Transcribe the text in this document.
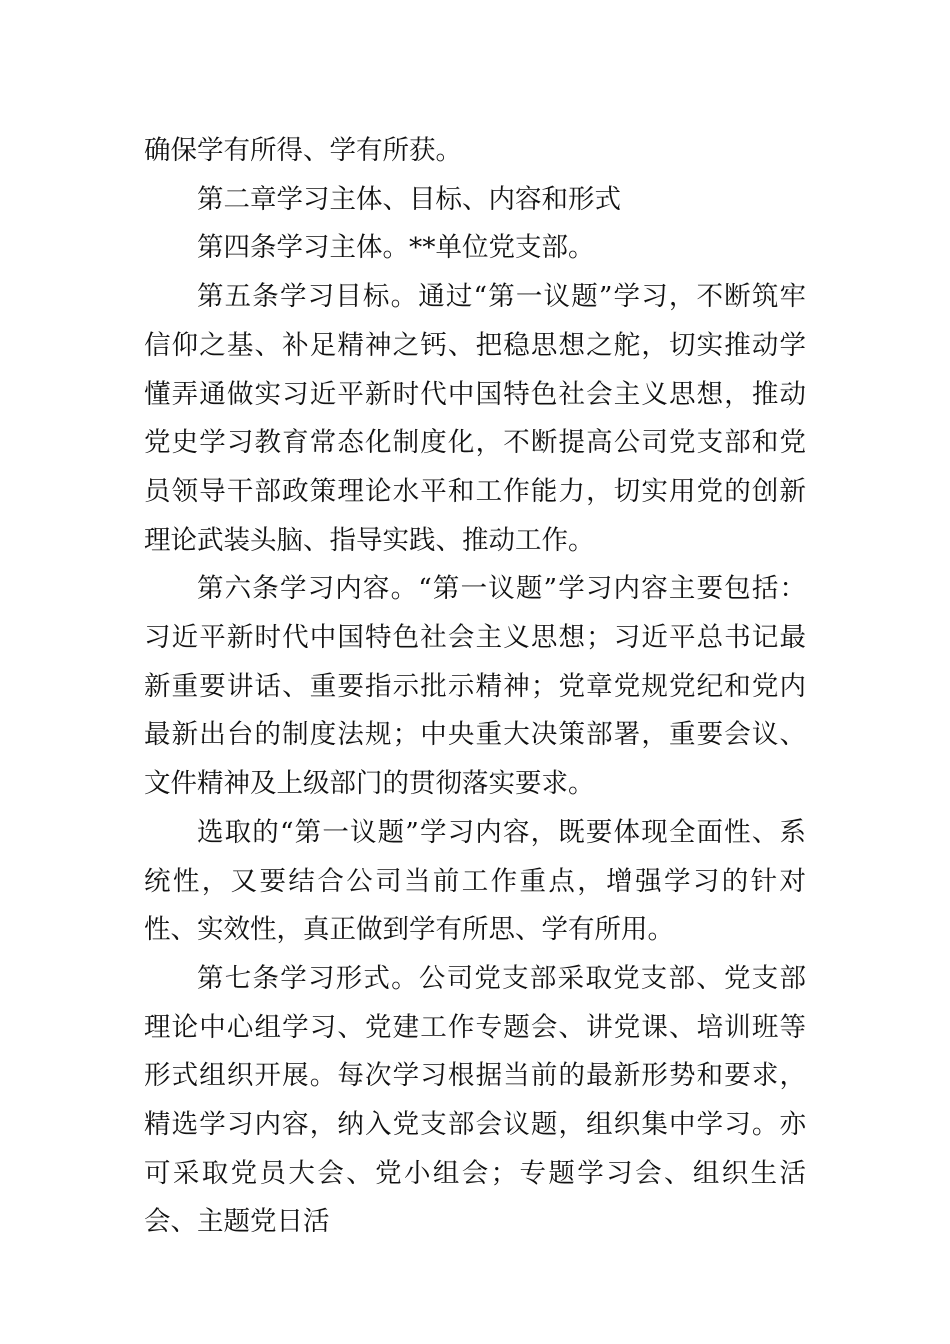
确保学有所得、学有所获。

第二章学习主体、目标、内容和形式

第四条学习主体。**单位党支部。

第五条学习目标。通过“第一议题”学习，不断筑牢信仰之基、补足精神之钙、把稳思想之舵，切实推动学懂弄通做实习近平新时代中国特色社会主义思想，推动党史学习教育常态化制度化，不断提高公司党支部和党员领导干部政策理论水平和工作能力，切实用党的创新理论武装头脑、指导实践、推动工作。

第六条学习内容。“第一议题”学习内容主要包括：习近平新时代中国特色社会主义思想；习近平总书记最新重要讲话、重要指示批示精神；党章党规党纪和党内最新出台的制度法规；中央重大决策部署，重要会议、文件精神及上级部门的贯彻落实要求。

选取的“第一议题”学习内容，既要体现全面性、系统性，又要结合公司当前工作重点，增强学习的针对性、实效性，真正做到学有所思、学有所用。

第七条学习形式。公司党支部采取党支部、党支部理论中心组学习、党建工作专题会、讲党课、培训班等形式组织开展。每次学习根据当前的最新形势和要求，精选学习内容，纳入党支部会议题，组织集中学习。亦可采取党员大会、党小组会；专题学习会、组织生活会、主题党日活
